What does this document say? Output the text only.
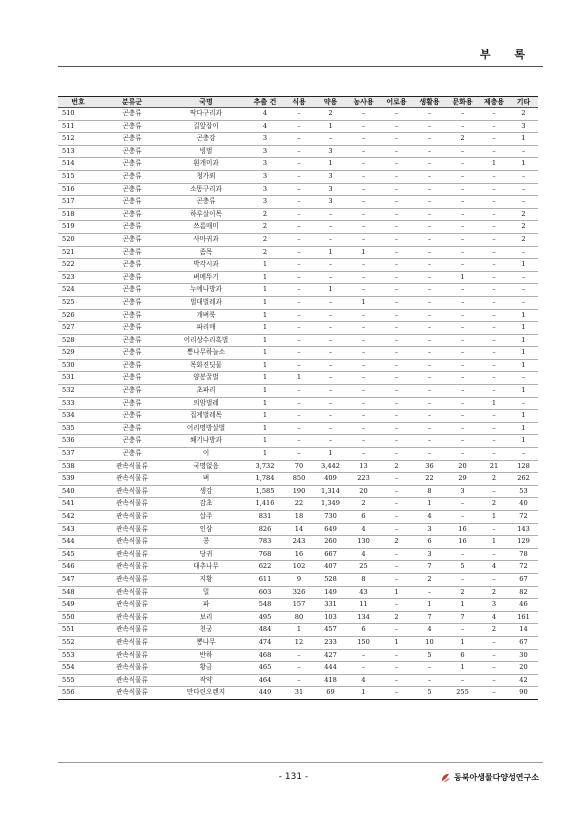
부 록
번호	분류군	국명	추출 건	식용	약용	농사용	어로용	생활용	문화용	제충용	기타
510	곤충류	딱다구리과	4	–	2	–	–	–	–	–	2
511	곤충류	길앞잡이	4	–	1	–	–	–	–	–	3
512	곤충류	곤충강	3	–	–	–	–	–	2	–	1
513	곤충류	빙벌	3	–	3	–	–	–	–	–	–
514	곤충류	흰개미과	3	–	1	–	–	–	–	1	1
515	곤충류	청가뢰	3	–	3	–	–	–	–	–	–
516	곤충류	소똥구리과	3	–	3	–	–	–	–	–	–
517	곤충류	곤충류	3	–	3	–	–	–	–	–	–
518	곤충류	하루살이목	2	–	–	–	–	–	–	–	2
519	곤충류	쓰름매미	2	–	–	–	–	–	–	–	2
520	곤충류	사마귀과	2	–	–	–	–	–	–	–	2
521	곤충류	좀목	2	–	1	1	–	–	–	–	–
522	곤충류	박각시과	1	–	–	–	–	–	–	–	1
523	곤충류	벼메뚜기	1	–	–	–	–	–	1	–	–
524	곤충류	누에나방과	1	–	1	–	–	–	–	–	–
525	곤충류	벌대벌레과	1	–	–	1	–	–	–	–	–
526	곤충류	개벼룩	1	–	–	–	–	–	–	–	1
527	곤충류	파리매	1	–	–	–	–	–	–	–	1
528	곤충류	어리상수리혹벌	1	–	–	–	–	–	–	–	1
529	곤충류	뽕나무하늘소	1	–	–	–	–	–	–	–	1
530	곤충류	목화진딧물	1	–	–	–	–	–	–	–	1
531	곤충류	양봉꿀벌	1	1	–	–	–	–	–	–	–
532	곤충류	초파리	1	–	–	–	–	–	–	–	1
533	곤충류	의암벌레	1	–	–	–	–	–	–	1	–
534	곤충류	집게벌레목	1	–	–	–	–	–	–	–	1
535	곤충류	어리명방살벌	1	–	–	–	–	–	–	–	1
536	곤충류	쐐기나방과	1	–	–	–	–	–	–	–	1
537	곤충류	이	1	–	1	–	–	–	–	–	–
538	관속식물류	국명없음	3,732	70	3,442	13	2	36	20	21	128
539	관속식물류	벼	1,784	850	409	223	–	22	29	2	262
540	관속식물류	생강	1,585	190	1,314	20	–	8	3	–	53
541	관속식물류	감초	1,416	22	1,349	2	–	1	–	2	40
542	관속식물류	삽주	831	18	730	6	–	4	–	1	72
543	관속식물류	인삼	826	14	649	4	–	3	16	–	143
544	관속식물류	콩	783	243	260	130	2	6	16	1	129
545	관속식물류	당귀	768	16	667	4	–	3	–	–	78
546	관속식물류	대추나무	622	102	407	25	–	7	5	4	72
547	관속식물류	지황	611	9	528	8	–	2	–	–	67
548	관속식물류	밀	603	326	149	43	1	–	2	2	82
549	관속식물류	파	548	157	331	11	–	1	1	3	46
550	관속식물류	보리	495	80	103	134	2	7	7	4	161
551	관속식물류	천궁	484	1	457	6	–	4	–	2	14
552	관속식물류	뽕나무	474	12	233	150	1	10	1	–	67
553	관속식물류	반하	468	–	427	–	–	5	6	–	30
554	관속식물류	황금	465	–	444	–	–	–	1	–	20
555	관속식물류	작약	464	–	418	4	–	–	–	–	42
556	관속식물류	만다린오렌지	449	31	69	1	–	5	255	–	90
- 131 -	동북아생물다양성연구소
